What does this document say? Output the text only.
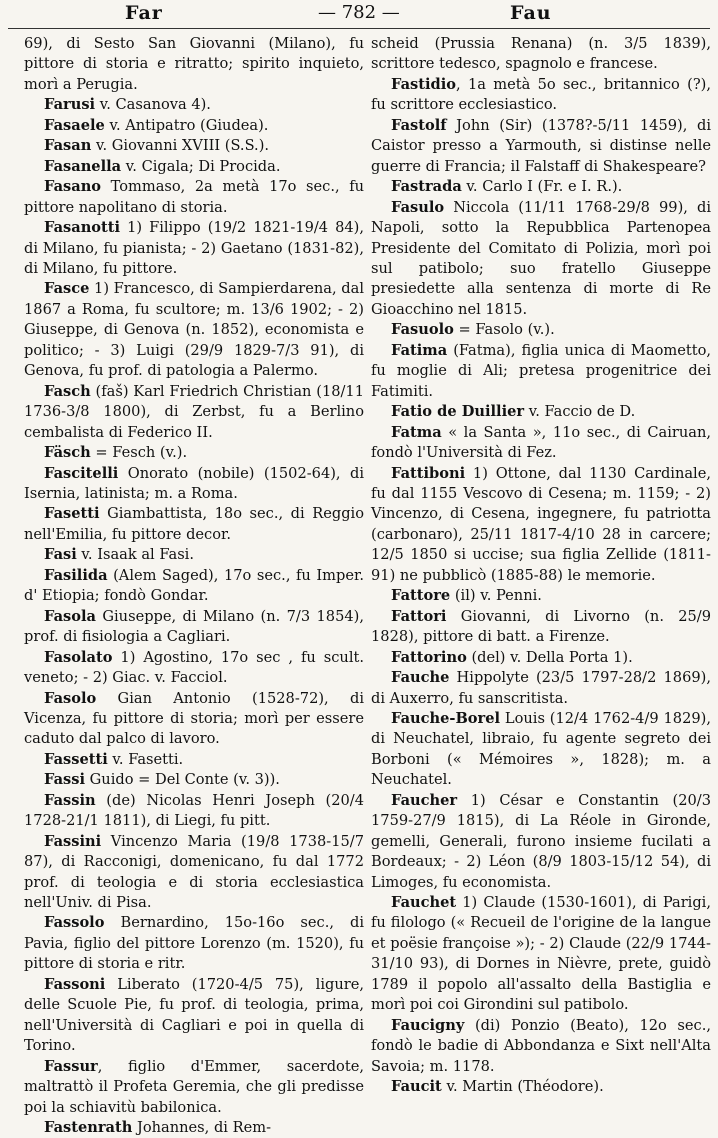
Far	— 782 —	Fau

69), di Sesto San Giovanni (Milano), fu pittore di storia e ritratto; spirito inquieto, morì a Perugia.

Farusi v. Casanova 4).

Fasaele v. Antipatro (Giudea).

Fasan v. Giovanni XVIII (S.S.).

Fasanella v. Cigala; Di Procida.

Fasano Tommaso, 2a metà 17o sec., fu pittore napolitano di storia.

Fasanotti 1) Filippo (19/2 1821-19/4 84), di Milano, fu pianista; - 2) Gaetano (1831-82), di Milano, fu pittore.

Fasce 1) Francesco, di Sampierdarena, dal 1867 a Roma, fu scultore; m. 13/6 1902; - 2) Giuseppe, di Genova (n. 1852), economista e politico; - 3) Luigi (29/9 1829-7/3 91), di Genova, fu prof. di patologia a Palermo.

Fasch (faš) Karl Friedrich Christian (18/11 1736-3/8 1800), di Zerbst, fu a Berlino cembalista di Federico II.

Fäsch = Fesch (v.).

Fascitelli Onorato (nobile) (1502-64), di Isernia, latinista; m. a Roma.

Fasetti Giambattista, 18o sec., di Reggio nell'Emilia, fu pittore decor.

Fasi v. Isaak al Fasi.

Fasilida (Alem Saged), 17o sec., fu Imper. d' Etiopia; fondò Gondar.

Fasola Giuseppe, di Milano (n. 7/3 1854), prof. di fisiologia a Cagliari.

Fasolato 1) Agostino, 17o sec , fu scult. veneto; - 2) Giac. v. Facciol.

Fasolo Gian Antonio (1528-72), di Vicenza, fu pittore di storia; morì per essere caduto dal palco di lavoro.

Fassetti v. Fasetti.

Fassi Guido = Del Conte (v. 3)).

Fassin (de) Nicolas Henri Joseph (20/4 1728-21/1 1811), di Liegi, fu pitt.

Fassini Vincenzo Maria (19/8 1738-15/7 87), di Racconigi, domenicano, fu dal 1772 prof. di teologia e di storia ecclesiastica nell'Univ. di Pisa.

Fassolo Bernardino, 15o-16o sec., di Pavia, figlio del pittore Lorenzo (m. 1520), fu pittore di storia e ritr.

Fassoni Liberato (1720-4/5 75), ligure, delle Scuole Pie, fu prof. di teologia, prima, nell'Università di Cagliari e poi in quella di Torino.

Fassur, figlio d'Emmer, sacerdote, maltrattò il Profeta Geremia, che gli predisse poi la schiavitù babilonica.

Fastenrath Johannes, di Rem-

scheid (Prussia Renana) (n. 3/5 1839), scrittore tedesco, spagnolo e francese.

Fastidio, 1a metà 5o sec., britannico (?), fu scrittore ecclesiastico.

Fastolf John (Sir) (1378?-5/11 1459), di Caistor presso a Yarmouth, si distinse nelle guerre di Francia; il Falstaff di Shakespeare?

Fastrada v. Carlo I (Fr. e I. R.).

Fasulo Niccola (11/11 1768-29/8 99), di Napoli, sotto la Repubblica Partenopea Presidente del Comitato di Polizia, morì poi sul patibolo; suo fratello Giuseppe presiedette alla sentenza di morte di Re Gioacchino nel 1815.

Fasuolo = Fasolo (v.).

Fatima (Fatma), figlia unica di Maometto, fu moglie di Ali; pretesa progenitrice dei Fatimiti.

Fatio de Duillier v. Faccio de D.

Fatma « la Santa », 11o sec., di Cairuan, fondò l'Università di Fez.

Fattiboni 1) Ottone, dal 1130 Cardinale, fu dal 1155 Vescovo di Cesena; m. 1159; - 2) Vincenzo, di Cesena, ingegnere, fu patriotta (carbonaro), 25/11 1817-4/10 28 in carcere; 12/5 1850 si uccise; sua figlia Zellide (1811-91) ne pubblicò (1885-88) le memorie.

Fattore (il) v. Penni.

Fattori Giovanni, di Livorno (n. 25/9 1828), pittore di batt. a Firenze.

Fattorino (del) v. Della Porta 1).

Fauche Hippolyte (23/5 1797-28/2 1869), di Auxerro, fu sanscritista.

Fauche-Borel Louis (12/4 1762-4/9 1829), di Neuchatel, libraio, fu agente segreto dei Borboni (« Mémoires », 1828); m. a Neuchatel.

Faucher 1) César e Constantin (20/3 1759-27/9 1815), di La Réole in Gironde, gemelli, Generali, furono insieme fucilati a Bordeaux; - 2) Léon (8/9 1803-15/12 54), di Limoges, fu economista.

Fauchet 1) Claude (1530-1601), di Parigi, fu filologo (« Recueil de l'origine de la langue et poësie françoise »); - 2) Claude (22/9 1744-31/10 93), di Dornes in Nièvre, prete, guidò 1789 il popolo all'assalto della Bastiglia e morì poi coi Girondini sul patibolo.

Faucigny (di) Ponzio (Beato), 12o sec., fondò le badie di Abbondanza e Sixt nell'Alta Savoia; m. 1178.

Faucit v. Martin (Théodore).
